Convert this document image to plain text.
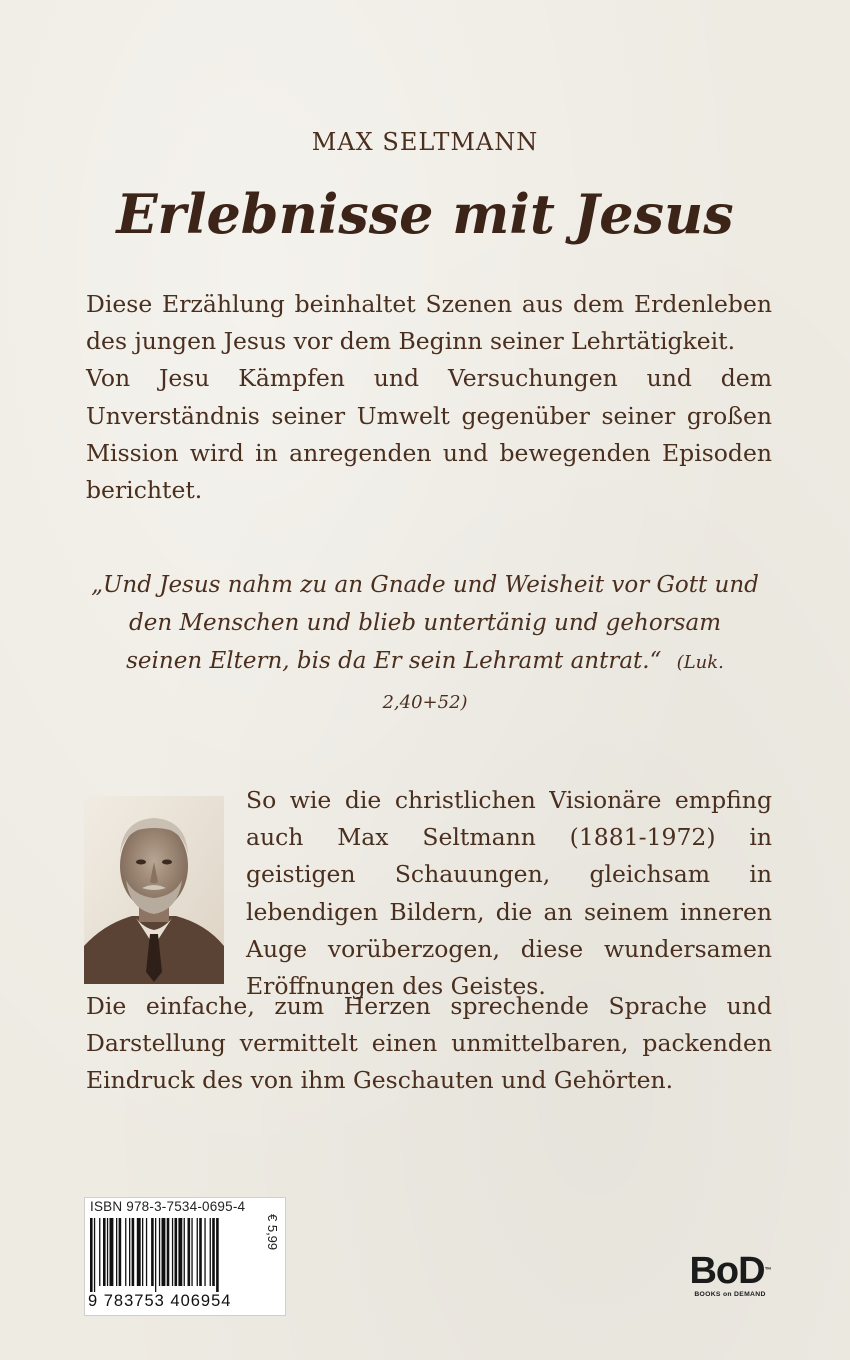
MAX SELTMANN
Erlebnisse mit Jesus

Diese Erzählung beinhaltet Szenen aus dem Erdenleben des jungen Jesus vor dem Beginn seiner Lehrtätigkeit.

Von Jesu Kämpfen und Versuchungen und dem Unverständnis seiner Umwelt gegenüber seiner großen Mission wird in anregenden und bewegenden Episoden berichtet.

„Und Jesus nahm zu an Gnade und Weisheit vor Gott und den Menschen und blieb untertänig und gehorsam seinen Eltern, bis da Er sein Lehramt antrat.“ (Luk. 2,40+52)

So wie die christlichen Visionäre empfing auch Max Seltmann (1881-1972) in geistigen Schauungen, gleichsam in lebendigen Bildern, die an seinem inneren Auge vorüberzogen, diese wundersamen Eröffnungen des Geistes.

Die einfache, zum Herzen sprechende Sprache und Darstellung vermittelt einen unmittelbaren, packenden Eindruck des von ihm Geschauten und Gehörten.

ISBN 978-3-7534-0695-4
9 783753 406954
€ 5,99
BoD™
BOOKS on DEMAND
